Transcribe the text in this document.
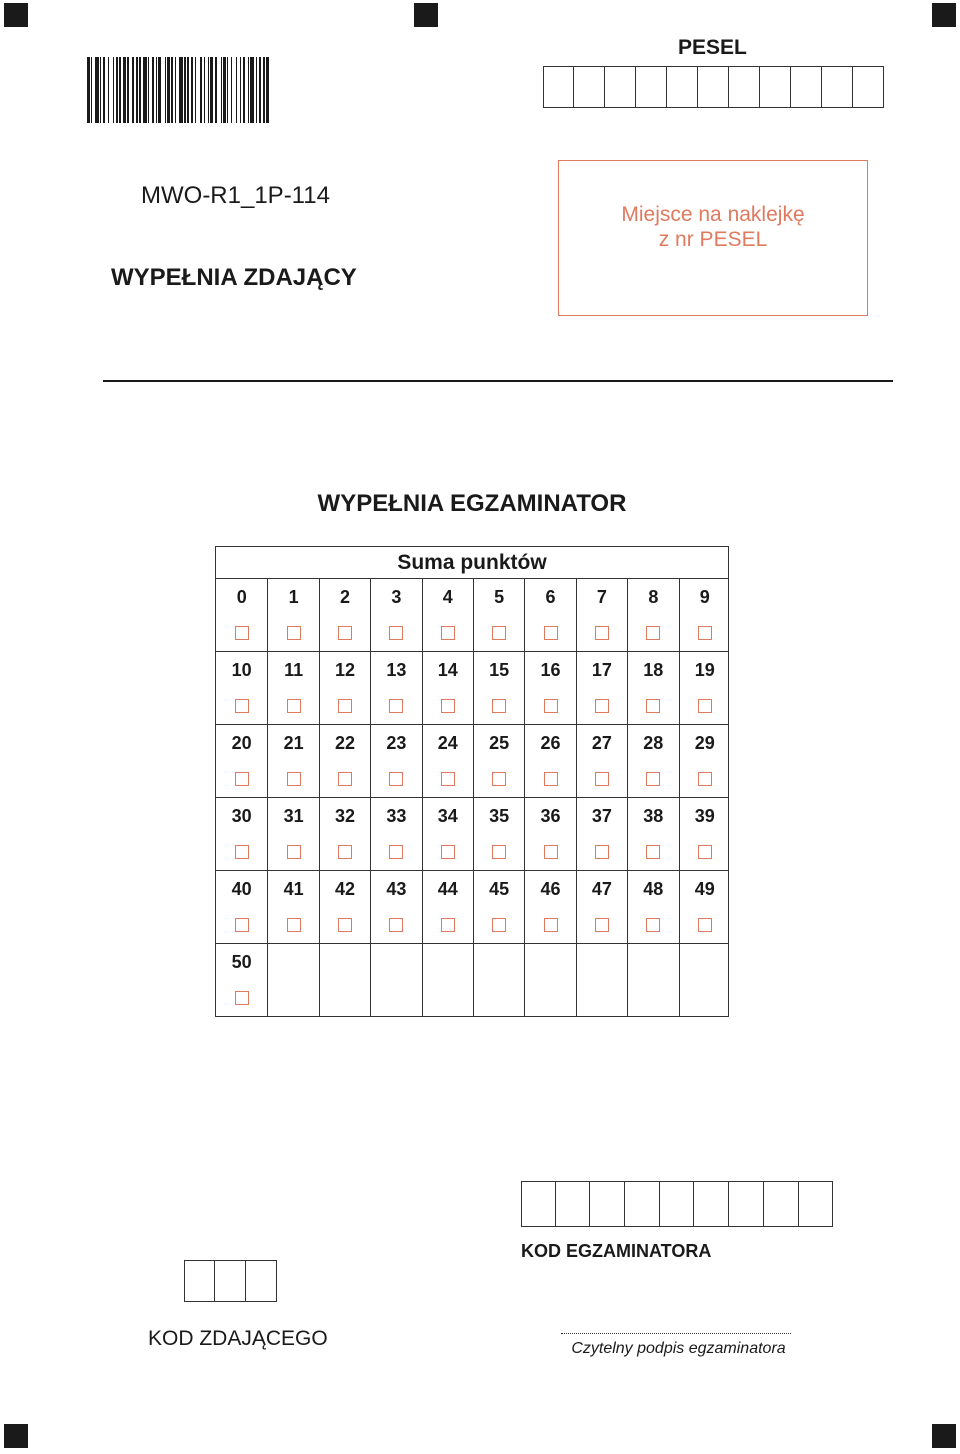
PESEL
MWO-R1_1P-114
WYPEŁNIA ZDAJĄCY
Miejsce na naklejkę
z nr PESEL
WYPEŁNIA EGZAMINATOR
Suma punktów
0	1	2	3	4	5	6	7	8	9
10	11	12	13	14	15	16	17	18	19
20	21	22	23	24	25	26	27	28	29
30	31	32	33	34	35	36	37	38	39
40	41	42	43	44	45	46	47	48	49
50
KOD EGZAMINATORA
KOD ZDAJĄCEGO	Czytelny podpis egzaminatora
